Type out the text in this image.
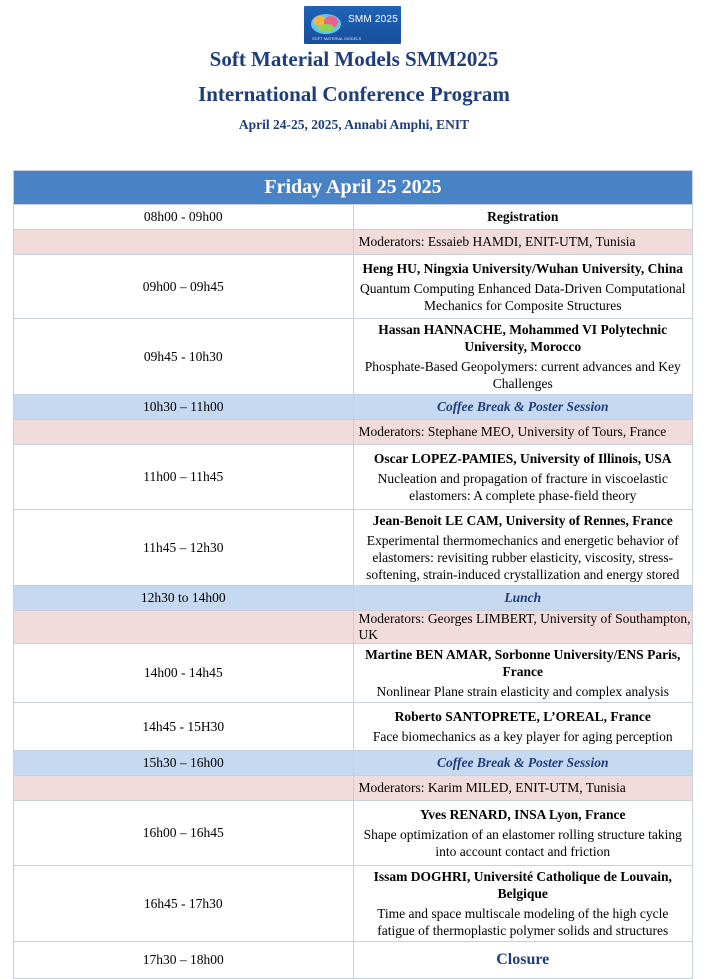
SMM 2025
SOFT MATERIAL MODELS
Soft Material Models SMM2025
International Conference Program
April 24-25, 2025, Annabi Amphi, ENIT
Friday April 25 2025	
08h00 - 09h00	Registration
	Moderators: Essaieb HAMDI, ENIT-UTM, Tunisia
09h00 – 09h45	Heng HU, Ningxia University/Wuhan University, China
Quantum Computing Enhanced Data-Driven Computational Mechanics for Composite Structures

09h45 - 10h30	Hassan HANNACHE, Mohammed VI Polytechnic University, Morocco
Phosphate-Based Geopolymers: current advances and Key Challenges

10h30 – 11h00	Coffee Break & Poster Session
	Moderators: Stephane MEO, University of Tours, France
11h00 – 11h45	Oscar LOPEZ-PAMIES, University of Illinois, USA
Nucleation and propagation of fracture in viscoelastic elastomers: A complete phase-field theory

11h45 – 12h30	Jean-Benoit LE CAM, University of Rennes, France
Experimental thermomechanics and energetic behavior of elastomers: revisiting rubber elasticity, viscosity, stress-softening, strain-induced crystallization and energy stored

12h30 to 14h00	Lunch
	Moderators: Georges LIMBERT, University of Southampton, UK
14h00 - 14h45	Martine BEN AMAR, Sorbonne University/ENS Paris, France
Nonlinear Plane strain elasticity and complex analysis

14h45 - 15H30	Roberto SANTOPRETE, L’OREAL, France
Face biomechanics as a key player for aging perception

15h30 – 16h00	Coffee Break & Poster Session
	Moderators: Karim MILED, ENIT-UTM, Tunisia
16h00 – 16h45	Yves RENARD, INSA Lyon, France
Shape optimization of an elastomer rolling structure taking into account contact and friction

16h45 - 17h30	Issam DOGHRI, Université Catholique de Louvain, Belgique
Time and space multiscale modeling of the high cycle fatigue of thermoplastic polymer solids and structures

17h30 – 18h00	Closure
